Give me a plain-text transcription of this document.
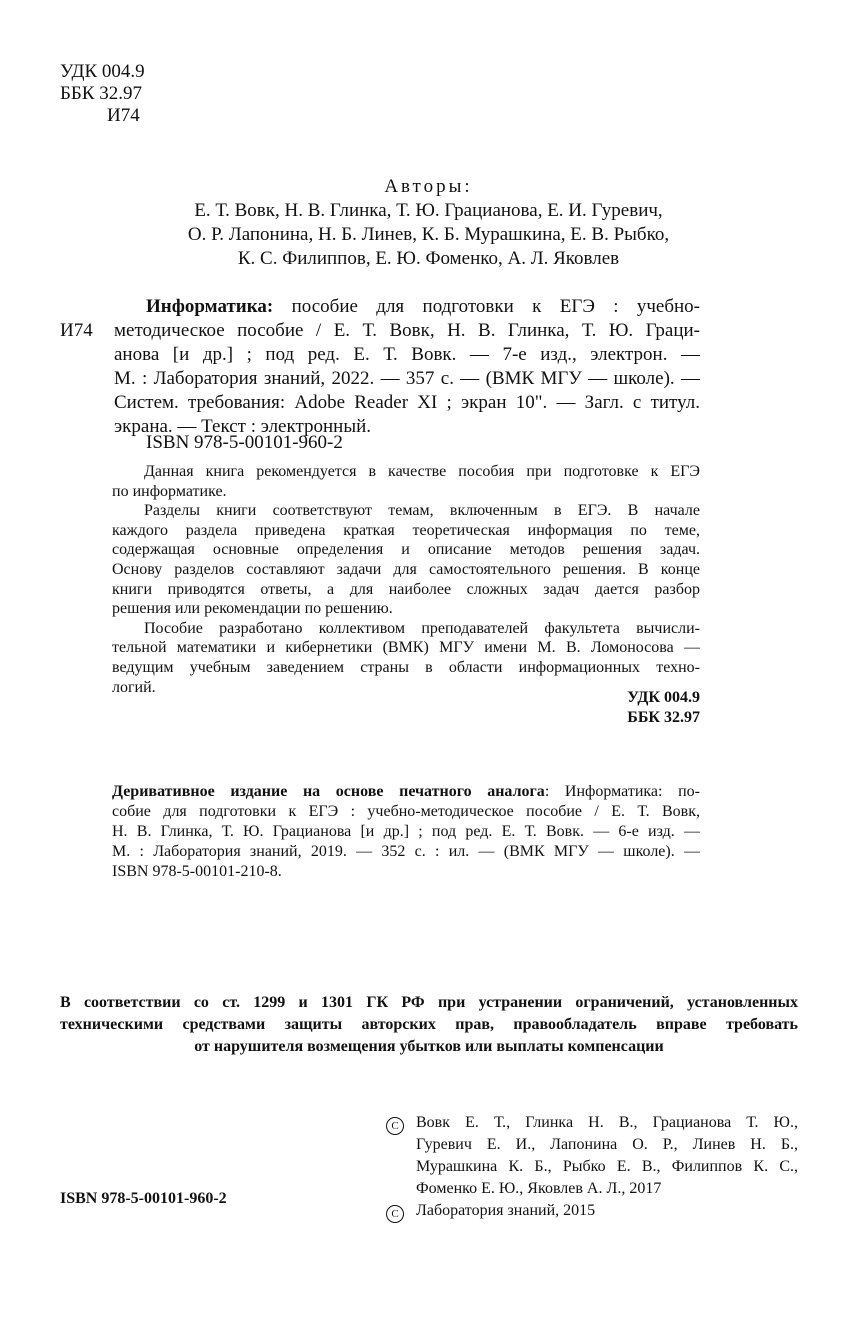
УДК 004.9
ББК 32.97
И74
Авторы:
Е. Т. Вовк, Н. В. Глинка, Т. Ю. Грацианова, Е. И. Гуревич,
О. Р. Лапонина, Н. Б. Линев, К. Б. Мурашкина, Е. В. Рыбко,
К. С. Филиппов, Е. Ю. Фоменко, А. Л. Яковлев
И74
Информатика: пособие для подготовки к ЕГЭ : учебно-
методическое пособие / Е. Т. Вовк, Н. В. Глинка, Т. Ю. Граци-
анова [и др.] ; под ред. Е. Т. Вовк. — 7-е изд., электрон. —
М. : Лаборатория знаний, 2022. — 357 с. — (ВМК МГУ — школе). —
Систем. требования: Adobe Reader XI ; экран 10". — Загл. с титул.
экрана. — Текст : электронный.
ISBN 978-5-00101-960-2
Данная книга рекомендуется в качестве пособия при подготовке к ЕГЭ
по информатике.
Разделы книги соответствуют темам, включенным в ЕГЭ. В начале
каждого раздела приведена краткая теоретическая информация по теме,
содержащая основные определения и описание методов решения задач.
Основу разделов составляют задачи для самостоятельного решения. В конце
книги приводятся ответы, а для наиболее сложных задач дается разбор
решения или рекомендации по решению.
Пособие разработано коллективом преподавателей факультета вычисли-
тельной математики и кибернетики (ВМК) МГУ имени М. В. Ломоносова —
ведущим учебным заведением страны в области информационных техно-
логий.
УДК 004.9
ББК 32.97
Деривативное издание на основе печатного аналога: Информатика: по-
собие для подготовки к ЕГЭ : учебно-методическое пособие / Е. Т. Вовк,
Н. В. Глинка, Т. Ю. Грацианова [и др.] ; под ред. Е. Т. Вовк. — 6-е изд. —
М. : Лаборатория знаний, 2019. — 352 с. : ил. — (ВМК МГУ — школе). —
ISBN 978-5-00101-210-8.
В соответствии со ст. 1299 и 1301 ГК РФ при устранении ограничений, установленных
техническими средствами защиты авторских прав, правообладатель вправе требовать
от нарушителя возмещения убытков или выплаты компенсации
C	Вовк Е. Т., Глинка Н. В., Грацианова Т. Ю.,
Гуревич Е. И., Лапонина О. Р., Линев Н. Б.,
Мурашкина К. Б., Рыбко Е. В., Филиппов К. С.,
Фоменко Е. Ю., Яковлев А. Л., 2017
C	Лаборатория знаний, 2015
ISBN 978-5-00101-960-2
